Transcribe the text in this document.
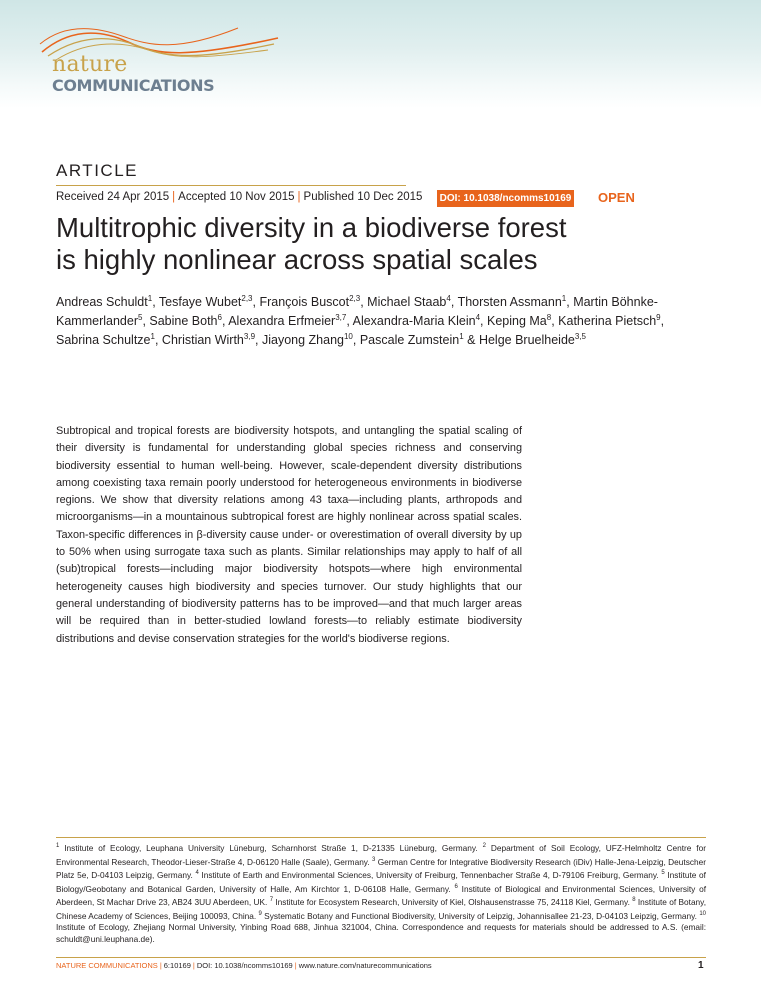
nature
COMMUNICATIONS
ARTICLE
Received 24 Apr 2015 | Accepted 10 Nov 2015 | Published 10 Dec 2015 DOI: 10.1038/ncomms10169 OPEN
Multitrophic diversity in a biodiverse forest
is highly nonlinear across spatial scales
Andreas Schuldt$^1$, Tesfaye Wubet$^{2,3}$, François Buscot$^{2,3}$, Michael Staab$^4$, Thorsten Assmann$^1$, Martin Böhnke-Kammerlander$^5$, Sabine Both$^6$, Alexandra Erfmeier$^{3,7}$, Alexandra-Maria Klein$^4$, Keping Ma$^8$, Katherina Pietsch$^9$, Sabrina Schultze$^1$, Christian Wirth$^{3,9}$, Jiayong Zhang$^{10}$, Pascale Zumstein$^1$ & Helge Bruelheide$^{3,5}$

Subtropical and tropical forests are biodiversity hotspots, and untangling the spatial scaling of their diversity is fundamental for understanding global species richness and conserving biodiversity essential to human well-being. However, scale-dependent diversity distributions among coexisting taxa remain poorly understood for heterogeneous environments in biodiverse regions. We show that diversity relations among 43 taxa—including plants, arthropods and microorganisms—in a mountainous subtropical forest are highly nonlinear across spatial scales. Taxon-specific differences in β-diversity cause under- or overestimation of overall diversity by up to 50% when using surrogate taxa such as plants. Similar relationships may apply to half of all (sub)tropical forests—including major biodiversity hotspots—where high environmental heterogeneity causes high biodiversity and species turnover. Our study highlights that our general understanding of biodiversity patterns has to be improved—and that much larger areas will be required than in better-studied lowland forests—to reliably estimate biodiversity distributions and devise conservation strategies for the world's biodiverse regions.

$^1$ Institute of Ecology, Leuphana University Lüneburg, Scharnhorst Straße 1, D-21335 Lüneburg, Germany. $^2$ Department of Soil Ecology, UFZ-Helmholtz Centre for Environmental Research, Theodor-Lieser-Straße 4, D-06120 Halle (Saale), Germany. $^3$ German Centre for Integrative Biodiversity Research (iDiv) Halle-Jena-Leipzig, Deutscher Platz 5e, D-04103 Leipzig, Germany. $^4$ Institute of Earth and Environmental Sciences, University of Freiburg, Tennenbacher Straße 4, D-79106 Freiburg, Germany. $^5$ Institute of Biology/Geobotany and Botanical Garden, University of Halle, Am Kirchtor 1, D-06108 Halle, Germany. $^6$ Institute of Biological and Environmental Sciences, University of Aberdeen, St Machar Drive 23, AB24 3UU Aberdeen, UK. $^7$ Institute for Ecosystem Research, University of Kiel, Olshausenstrasse 75, 24118 Kiel, Germany. $^8$ Institute of Botany, Chinese Academy of Sciences, Beijing 100093, China. $^9$ Systematic Botany and Functional Biodiversity, University of Leipzig, Johannisallee 21-23, D-04103 Leipzig, Germany. $^{10}$ Institute of Ecology, Zhejiang Normal University, Yinbing Road 688, Jinhua 321004, China. Correspondence and requests for materials should be addressed to A.S. (email: schuldt@uni.leuphana.de).
NATURE COMMUNICATIONS | 6:10169 | DOI: 10.1038/ncomms10169 | www.nature.com/naturecommunications	1
